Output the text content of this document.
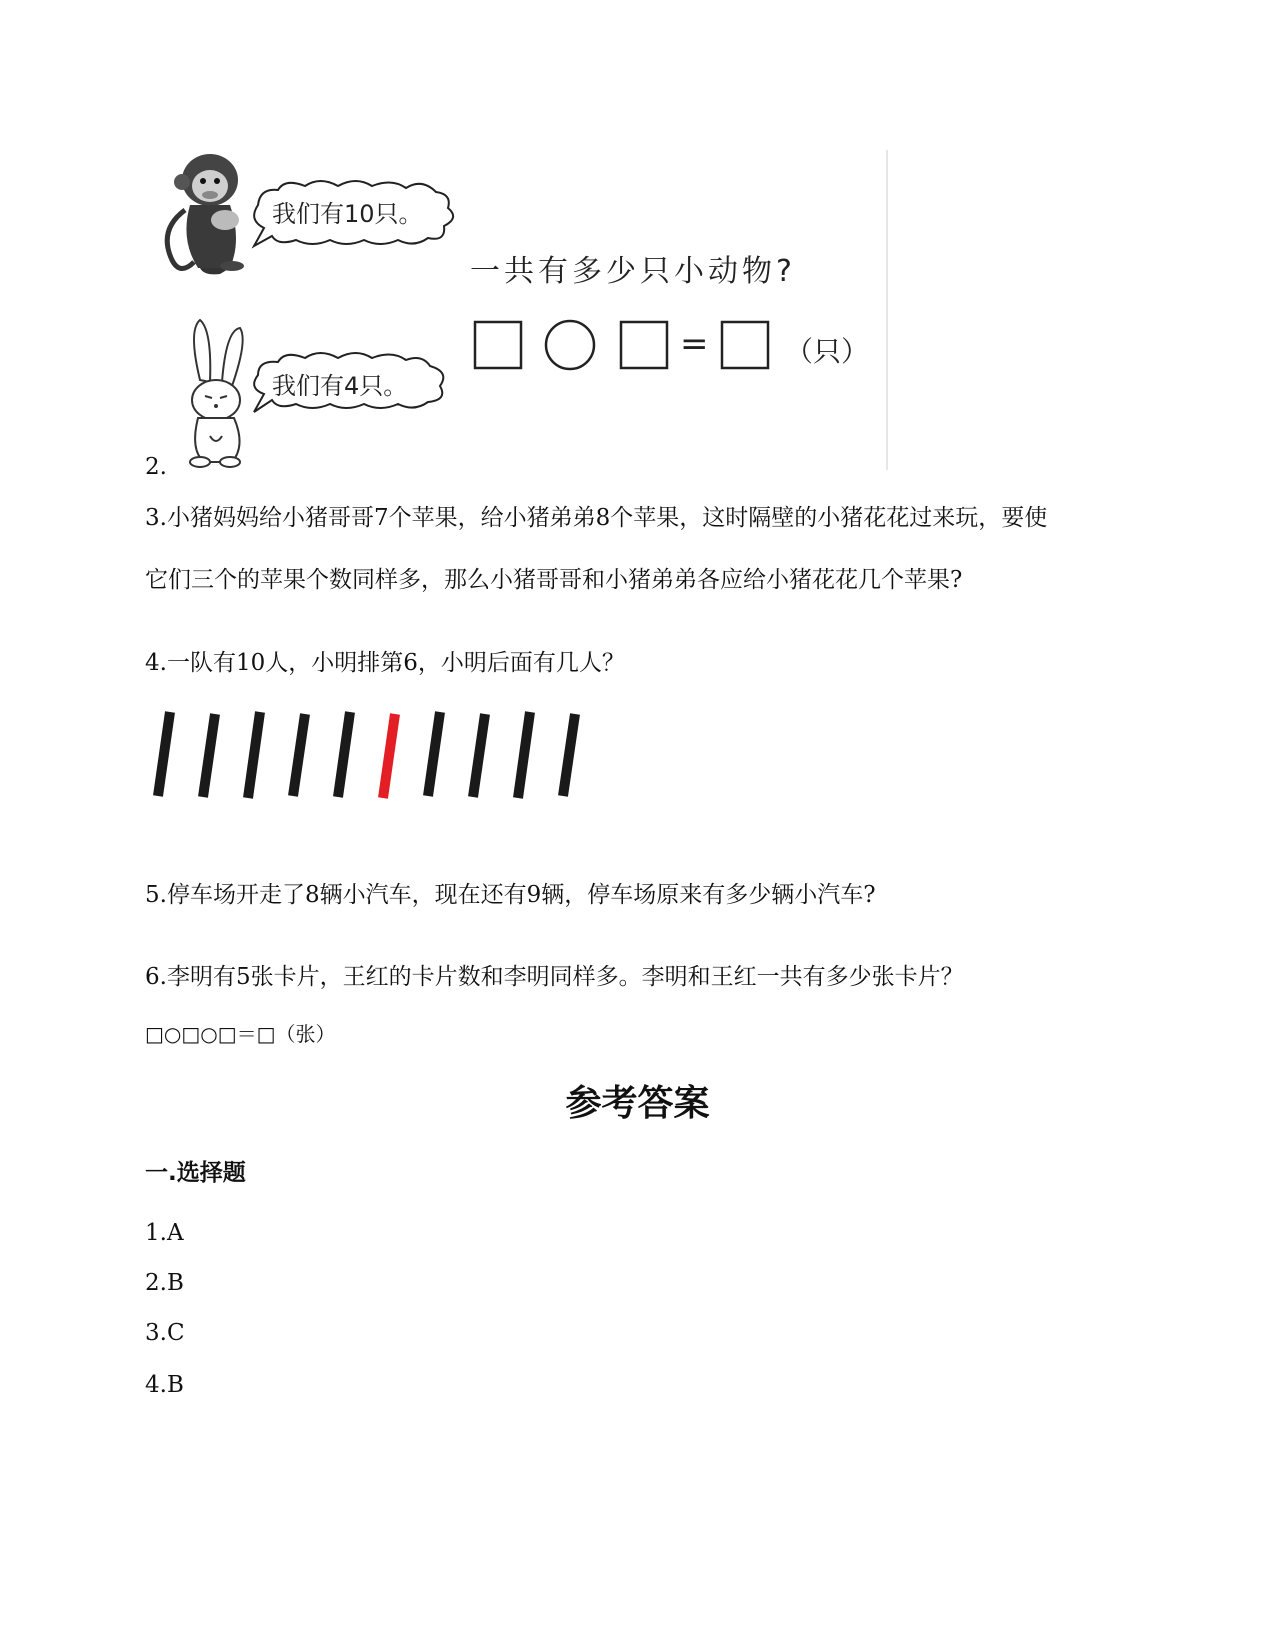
我们有10只。
我们有4只。
一共有多少只小动物?
=	（只）
2.
3.小猪妈妈给小猪哥哥7个苹果，给小猪弟弟8个苹果，这时隔壁的小猪花花过来玩，要使
它们三个的苹果个数同样多，那么小猪哥哥和小猪弟弟各应给小猪花花几个苹果?
4.一队有10人，小明排第6，小明后面有几人？
5.停车场开走了8辆小汽车，现在还有9辆，停车场原来有多少辆小汽车?
6.李明有5张卡片，王红的卡片数和李明同样多。李明和王红一共有多少张卡片？
□○□○□＝□（张）
参考答案
一.选择题
1.A
2.B
3.C
4.B
